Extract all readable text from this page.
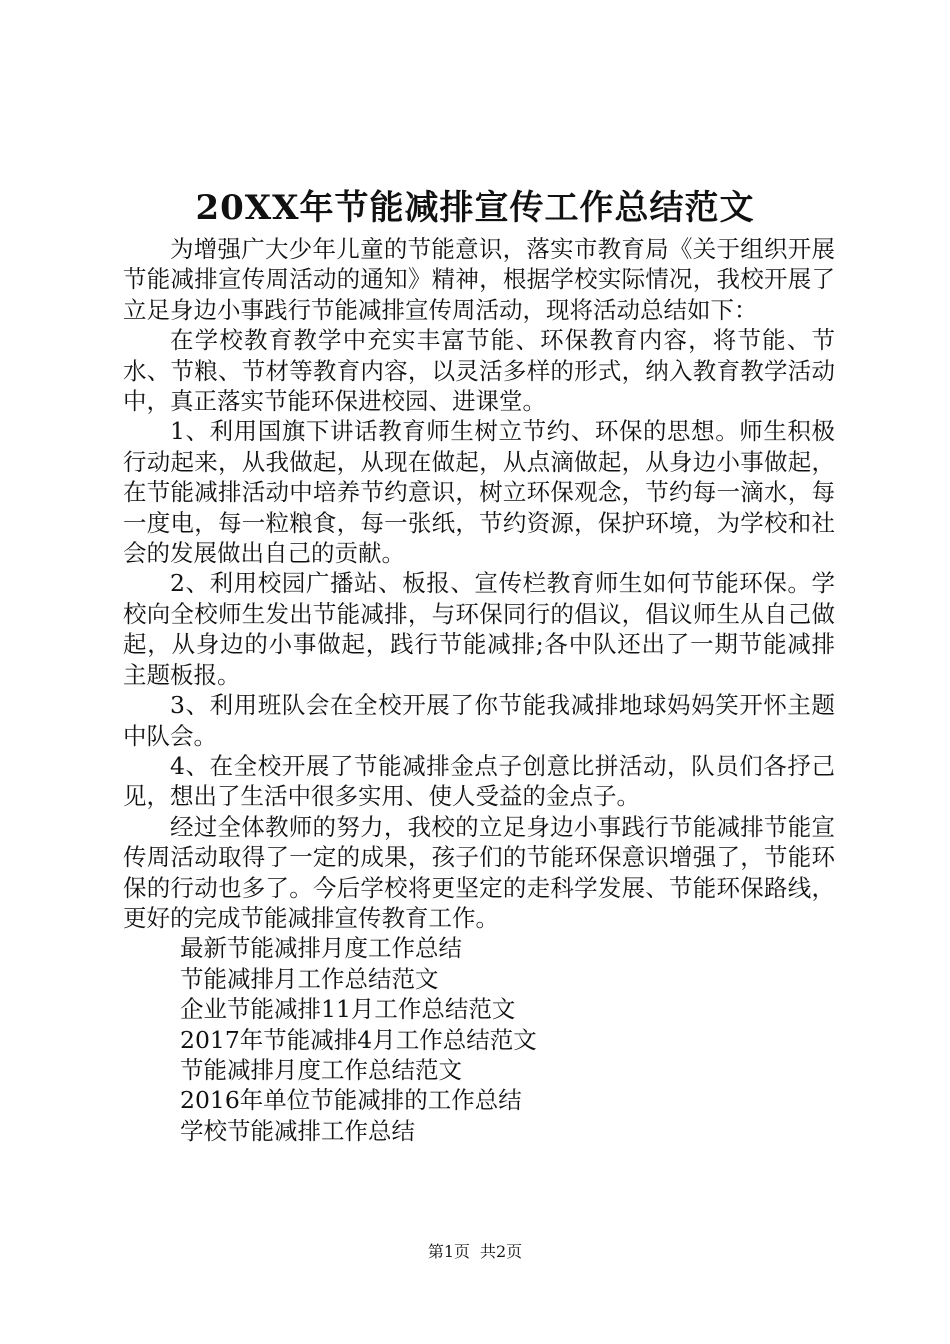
20XX年节能减排宣传工作总结范文

为增强广大少年儿童的节能意识，落实市教育局《关于组织开展节能减排宣传周活动的通知》精神，根据学校实际情况，我校开展了立足身边小事践行节能减排宣传周活动，现将活动总结如下：

在学校教育教学中充实丰富节能、环保教育内容，将节能、节水、节粮、节材等教育内容，以灵活多样的形式，纳入教育教学活动中，真正落实节能环保进校园、进课堂。

1、利用国旗下讲话教育师生树立节约、环保的思想。师生积极行动起来，从我做起，从现在做起，从点滴做起，从身边小事做起，在节能减排活动中培养节约意识，树立环保观念，节约每一滴水，每一度电，每一粒粮食，每一张纸，节约资源，保护环境，为学校和社会的发展做出自己的贡献。

2、利用校园广播站、板报、宣传栏教育师生如何节能环保。学校向全校师生发出节能减排，与环保同行的倡议，倡议师生从自己做起，从身边的小事做起，践行节能减排;各中队还出了一期节能减排主题板报。

3、利用班队会在全校开展了你节能我减排地球妈妈笑开怀主题中队会。

4、在全校开展了节能减排金点子创意比拼活动，队员们各抒己见，想出了生活中很多实用、使人受益的金点子。

经过全体教师的努力，我校的立足身边小事践行节能减排节能宣传周活动取得了一定的成果，孩子们的节能环保意识增强了，节能环保的行动也多了。今后学校将更坚定的走科学发展、节能环保路线，更好的完成节能减排宣传教育工作。

最新节能减排月度工作总结
节能减排月工作总结范文
企业节能减排11月工作总结范文
2017年节能减排4月工作总结范文
节能减排月度工作总结范文
2016年单位节能减排的工作总结
学校节能减排工作总结
第1页 共2页
